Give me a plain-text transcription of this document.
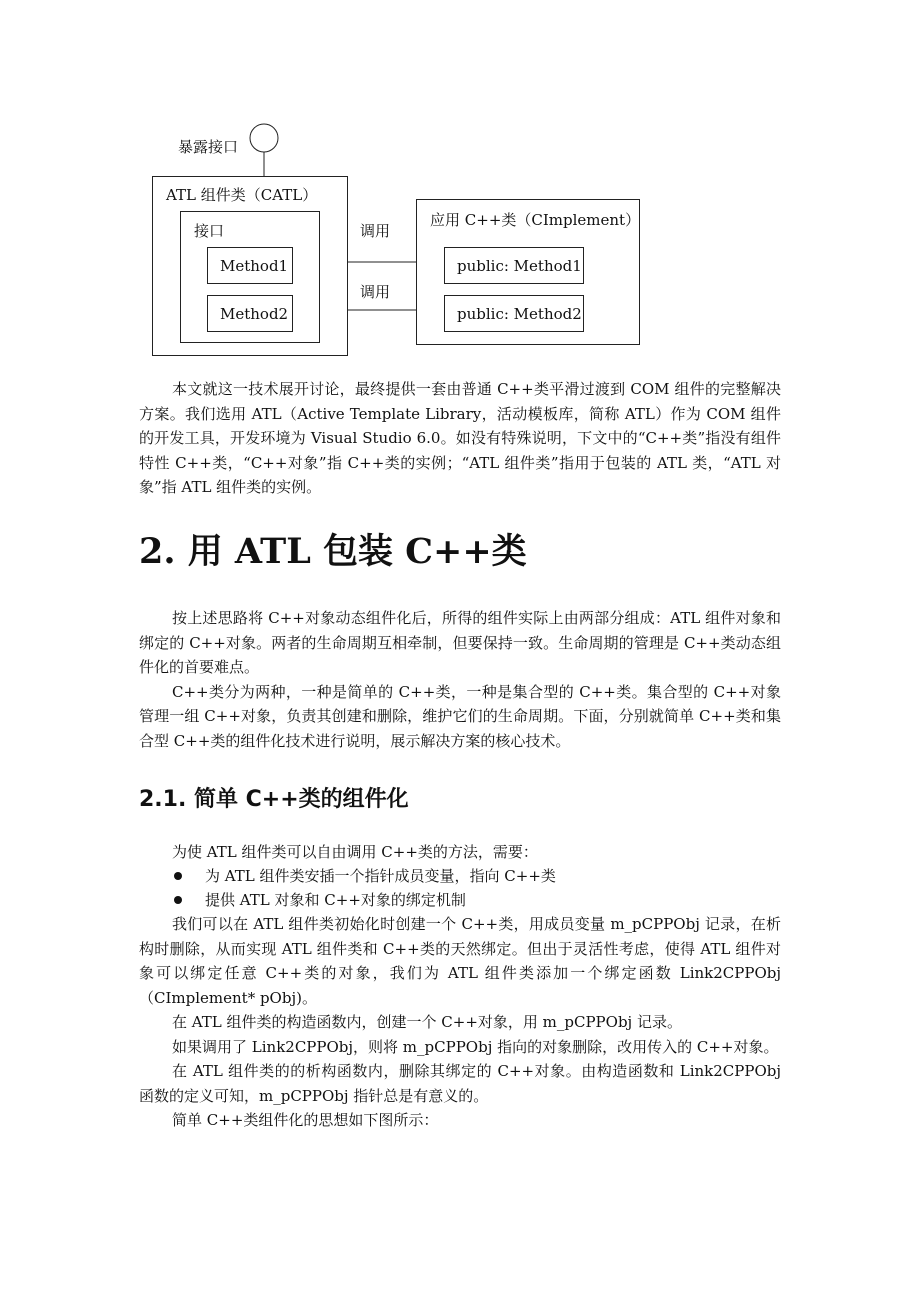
暴露接口
ATL 组件类（CATL）
接口
Method1
Method2
调用
调用
应用 C++类（CImplement）
public: Method1
public: Method2

本文就这一技术展开讨论，最终提供一套由普通 C++类平滑过渡到 COM 组件的完整解决方案。我们选用 ATL（Active Template Library，活动模板库，简称 ATL）作为 COM 组件的开发工具，开发环境为 Visual Studio 6.0。如没有特殊说明，下文中的“C++类”指没有组件特性 C++类，“C++对象”指 C++类的实例；“ATL 组件类”指用于包装的 ATL 类，“ATL 对象”指 ATL 组件类的实例。

2. 用 ATL 包装 C++类

按上述思路将 C++对象动态组件化后，所得的组件实际上由两部分组成：ATL 组件对象和绑定的 C++对象。两者的生命周期互相牵制，但要保持一致。生命周期的管理是 C++类动态组件化的首要难点。

C++类分为两种，一种是简单的 C++类，一种是集合型的 C++类。集合型的 C++对象管理一组 C++对象，负责其创建和删除，维护它们的生命周期。下面，分别就简单 C++类和集合型 C++类的组件化技术进行说明，展示解决方案的核心技术。

2.1. 简单 C++类的组件化
为使 ATL 组件类可以自由调用 C++类的方法，需要：
为 ATL 组件类安插一个指针成员变量，指向 C++类
提供 ATL 对象和 C++对象的绑定机制

我们可以在 ATL 组件类初始化时创建一个 C++类，用成员变量 m_pCPPObj 记录，在析构时删除，从而实现 ATL 组件类和 C++类的天然绑定。但出于灵活性考虑，使得 ATL 组件对象可以绑定任意 C++类的对象，我们为 ATL 组件类添加一个绑定函数 Link2CPPObj（CImplement* pObj)。

在 ATL 组件类的构造函数内，创建一个 C++对象，用 m_pCPPObj 记录。

如果调用了 Link2CPPObj，则将 m_pCPPObj 指向的对象删除，改用传入的 C++对象。

在 ATL 组件类的的析构函数内，删除其绑定的 C++对象。由构造函数和 Link2CPPObj 函数的定义可知，m_pCPPObj 指针总是有意义的。

简单 C++类组件化的思想如下图所示：
